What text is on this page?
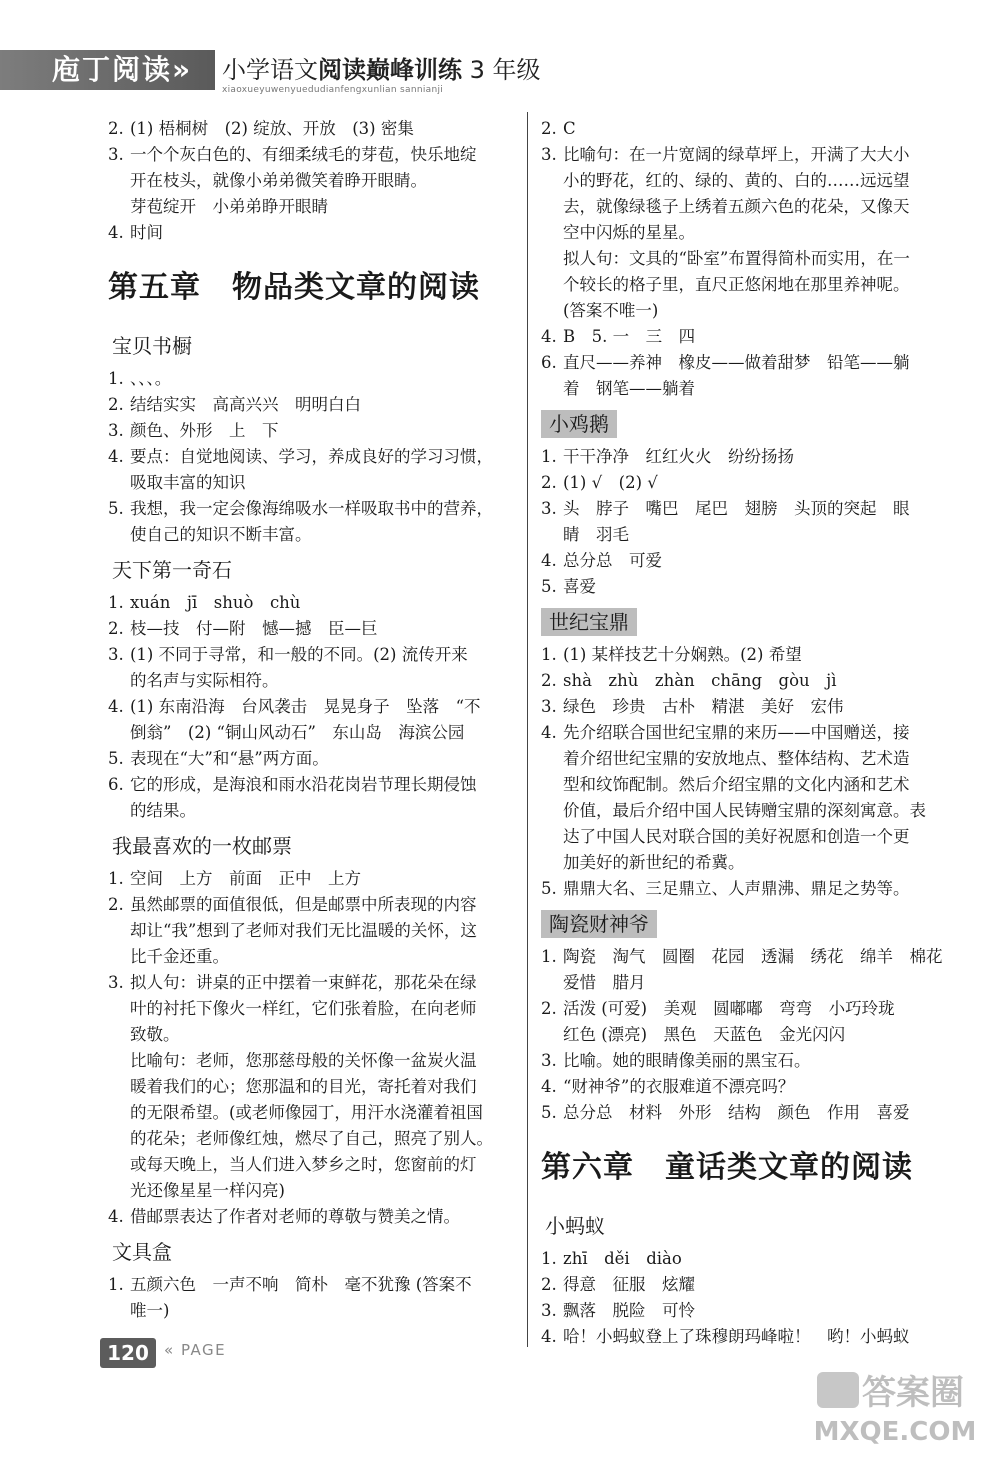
庖丁阅读»	小学语文阅读巅峰训练 3 年级
xiaoxueyuwenyuedudianfengxunlian sannianji
2. (1) 梧桐树　(2) 绽放、开放　(3) 密集
3. 一个个灰白色的、有细柔绒毛的芽苞，快乐地绽
开在枝头，就像小弟弟微笑着睁开眼睛。
芽苞绽开　小弟弟睁开眼睛
4. 时间
第五章　物品类文章的阅读
宝贝书橱
1. 、、、。
2. 结结实实　高高兴兴　明明白白
3. 颜色、外形　上　下
4. 要点：自觉地阅读、学习，养成良好的学习习惯，
吸取丰富的知识
5. 我想，我一定会像海绵吸水一样吸取书中的营养，
使自己的知识不断丰富。
天下第一奇石
1. xuán　jī　shuò　chù
2. 枝—技　付—附　憾—撼　臣—巨
3. (1) 不同于寻常，和一般的不同。(2) 流传开来
的名声与实际相符。
4. (1) 东南沿海　台风袭击　晃晃身子　坠落　“不
倒翁”　(2) “铜山风动石”　东山岛　海滨公园
5. 表现在“大”和“悬”两方面。
6. 它的形成，是海浪和雨水沿花岗岩节理长期侵蚀
的结果。
我最喜欢的一枚邮票
1. 空间　上方　前面　正中　上方
2. 虽然邮票的面值很低，但是邮票中所表现的内容
却让“我”想到了老师对我们无比温暖的关怀，这
比千金还重。
3. 拟人句：讲桌的正中摆着一束鲜花，那花朵在绿
叶的衬托下像火一样红，它们张着脸，在向老师
致敬。
比喻句：老师，您那慈母般的关怀像一盆炭火温
暖着我们的心；您那温和的目光，寄托着对我们
的无限希望。(或老师像园丁，用汗水浇灌着祖国
的花朵；老师像红烛，燃尽了自己，照亮了别人。
或每天晚上，当人们进入梦乡之时，您窗前的灯
光还像星星一样闪亮)
4. 借邮票表达了作者对老师的尊敬与赞美之情。
文具盒
1. 五颜六色　一声不响　简朴　毫不犹豫 (答案不
唯一)
2. C
3. 比喻句：在一片宽阔的绿草坪上，开满了大大小
小的野花，红的、绿的、黄的、白的……远远望
去，就像绿毯子上绣着五颜六色的花朵，又像天
空中闪烁的星星。
拟人句：文具的“卧室”布置得简朴而实用，在一
个较长的格子里，直尺正悠闲地在那里养神呢。
(答案不唯一)
4. B　5. 一　三　四
6. 直尺——养神　橡皮——做着甜梦　铅笔——躺
着　钢笔——躺着
小鸡鹅
1. 干干净净　红红火火　纷纷扬扬
2. (1) √　(2) √
3. 头　脖子　嘴巴　尾巴　翅膀　头顶的突起　眼
睛　羽毛
4. 总分总　可爱
5. 喜爱
世纪宝鼎
1. (1) 某样技艺十分娴熟。(2) 希望
2. shà　zhù　zhàn　chāng　gòu　jì
3. 绿色　珍贵　古朴　精湛　美好　宏伟
4. 先介绍联合国世纪宝鼎的来历——中国赠送，接
着介绍世纪宝鼎的安放地点、整体结构、艺术造
型和纹饰配制。然后介绍宝鼎的文化内涵和艺术
价值，最后介绍中国人民铸赠宝鼎的深刻寓意。表
达了中国人民对联合国的美好祝愿和创造一个更
加美好的新世纪的希冀。
5. 鼎鼎大名、三足鼎立、人声鼎沸、鼎足之势等。
陶瓷财神爷
1. 陶瓷　淘气　圆圈　花园　透漏　绣花　绵羊　棉花
爱惜　腊月
2. 活泼 (可爱)　美观　圆嘟嘟　弯弯　小巧玲珑
红色 (漂亮)　黑色　天蓝色　金光闪闪
3. 比喻。她的眼睛像美丽的黑宝石。
4. “财神爷”的衣服难道不漂亮吗？
5. 总分总　材料　外形　结构　颜色　作用　喜爱
第六章　童话类文章的阅读
小蚂蚁
1. zhī　děi　diào
2. 得意　征服　炫耀
3. 飘落　脱险　可怜
4. 哈！小蚂蚁登上了珠穆朗玛峰啦！　哟！小蚂蚁
120	« PAGE
答案圈
MXQE.COM
